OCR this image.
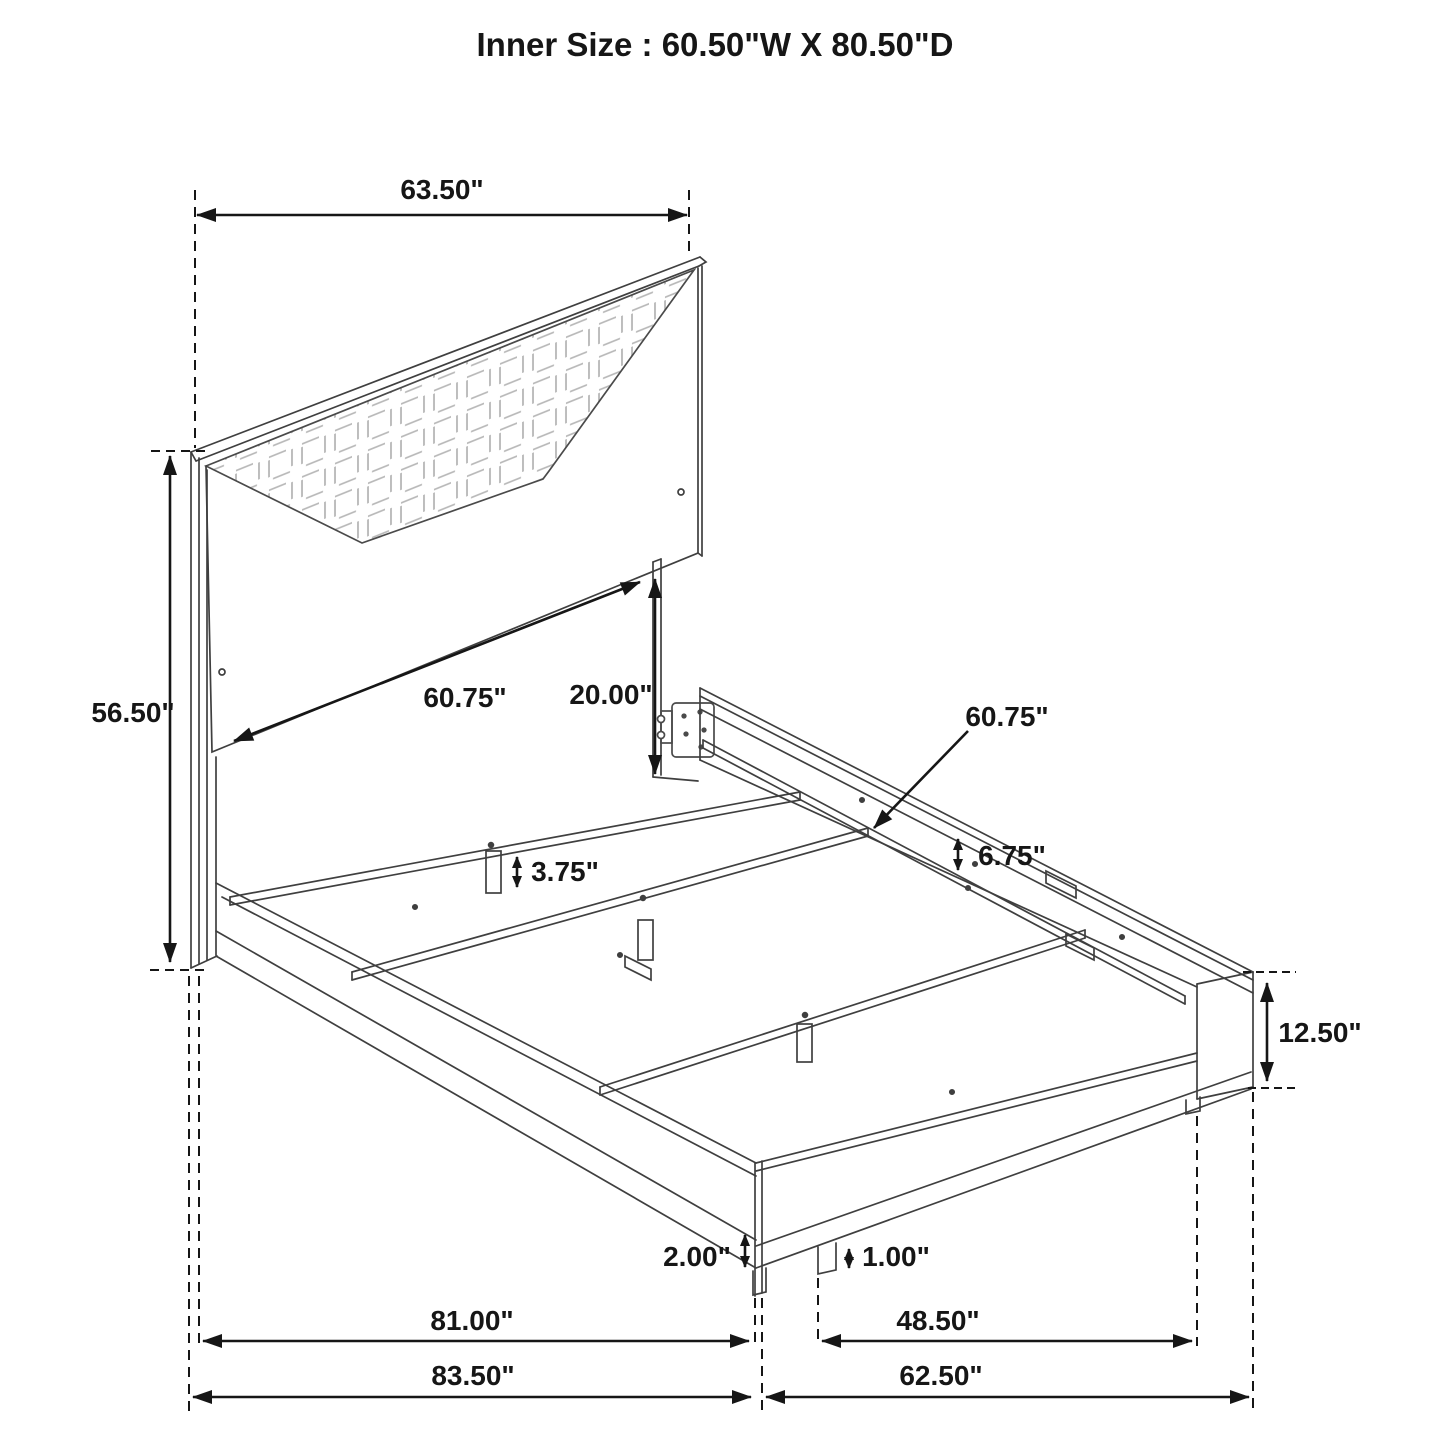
Inner Size : 60.50"W X 80.50"D
63.50"
56.50"	60.75" 20.00"
60.75"
6.75"
3.75"
12.50"
2.00"	1.00"
81.00"	48.50"
83.50"	62.50"
